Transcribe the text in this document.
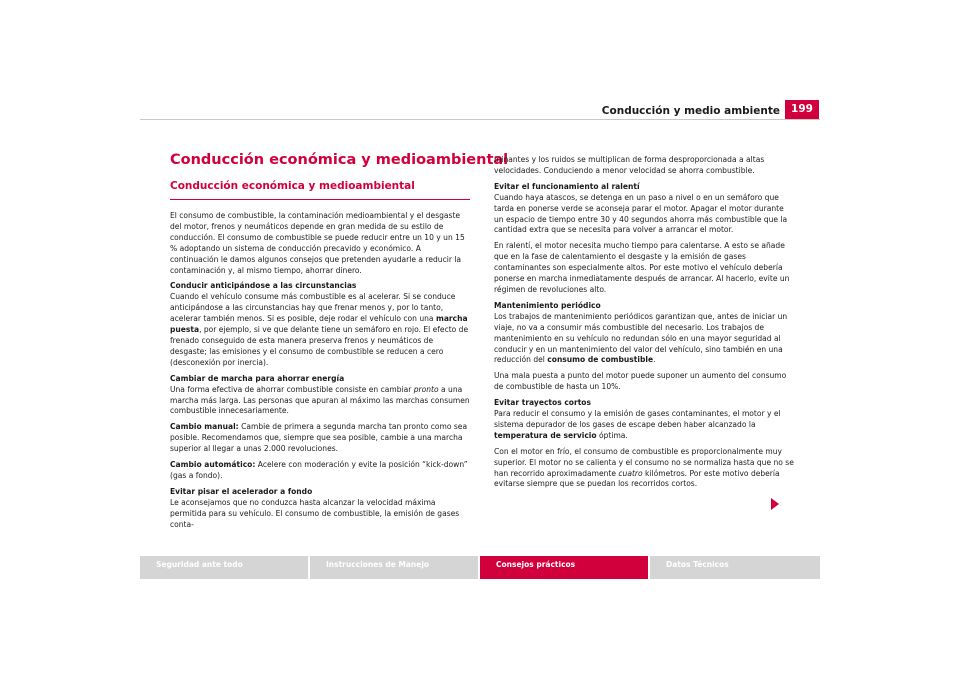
Conducción y medio ambiente	199
Conducción económica y medioambiental
Conducción económica y medioambiental

El consumo de combustible, la contaminación medioambiental y el desgaste del motor, frenos y neumáticos depende en gran medida de su estilo de conducción. El consumo de combustible se puede reducir entre un 10 y un 15 % adoptando un sistema de conducción precavido y económico. A continuación le damos algunos consejos que pretenden ayudarle a reducir la contaminación y, al mismo tiempo, ahorrar dinero.

Conducir anticipándose a las circunstancias

Cuando el vehículo consume más combustible es al acelerar. Si se conduce anticipándose a las circunstancias hay que frenar menos y, por lo tanto, acelerar también menos. Si es posible, deje rodar el vehículo con una marcha puesta, por ejemplo, si ve que delante tiene un semáforo en rojo. El efecto de frenado conseguido de esta manera preserva frenos y neumáticos de desgaste; las emisiones y el consumo de combustible se reducen a cero (desconexión por inercia).

Cambiar de marcha para ahorrar energía

Una forma efectiva de ahorrar combustible consiste en cambiar pronto a una marcha más larga. Las personas que apuran al máximo las marchas consumen combustible innecesariamente.

Cambio manual: Cambie de primera a segunda marcha tan pronto como sea posible. Recomendamos que, siempre que sea posible, cambie a una marcha superior al llegar a unas 2.000 revoluciones.

Cambio automático: Acelere con moderación y evite la posición “kick-down” (gas a fondo).

Evitar pisar el acelerador a fondo

Le aconsejamos que no conduzca hasta alcanzar la velocidad máxima permitida para su vehículo. El consumo de combustible, la emisión de gases conta-

minantes y los ruidos se multiplican de forma desproporcionada a altas velocidades. Conduciendo a menor velocidad se ahorra combustible.

Evitar el funcionamiento al ralentí

Cuando haya atascos, se detenga en un paso a nivel o en un semáforo que tarda en ponerse verde se aconseja parar el motor. Apagar el motor durante un espacio de tiempo entre 30 y 40 segundos ahorra más combustible que la cantidad extra que se necesita para volver a arrancar el motor.

En ralentí, el motor necesita mucho tiempo para calentarse. A esto se añade que en la fase de calentamiento el desgaste y la emisión de gases contaminantes son especialmente altos. Por este motivo el vehículo debería ponerse en marcha inmediatamente después de arrancar. Al hacerlo, evite un régimen de revoluciones alto.

Mantenimiento periódico

Los trabajos de mantenimiento periódicos garantizan que, antes de iniciar un viaje, no va a consumir más combustible del necesario. Los trabajos de mantenimiento en su vehículo no redundan sólo en una mayor seguridad al conducir y en un mantenimiento del valor del vehículo, sino también en una reducción del consumo de combustible.

Una mala puesta a punto del motor puede suponer un aumento del consumo de combustible de hasta un 10%.

Evitar trayectos cortos

Para reducir el consumo y la emisión de gases contaminantes, el motor y el sistema depurador de los gases de escape deben haber alcanzado la temperatura de servicio óptima.

Con el motor en frío, el consumo de combustible es proporcionalmente muy superior. El motor no se calienta y el consumo no se normaliza hasta que no se han recorrido aproximadamente cuatro kilómetros. Por este motivo debería evitarse siempre que se puedan los recorridos cortos.

Seguridad ante todo	Instrucciones de Manejo	Consejos prácticos	Datos Técnicos
